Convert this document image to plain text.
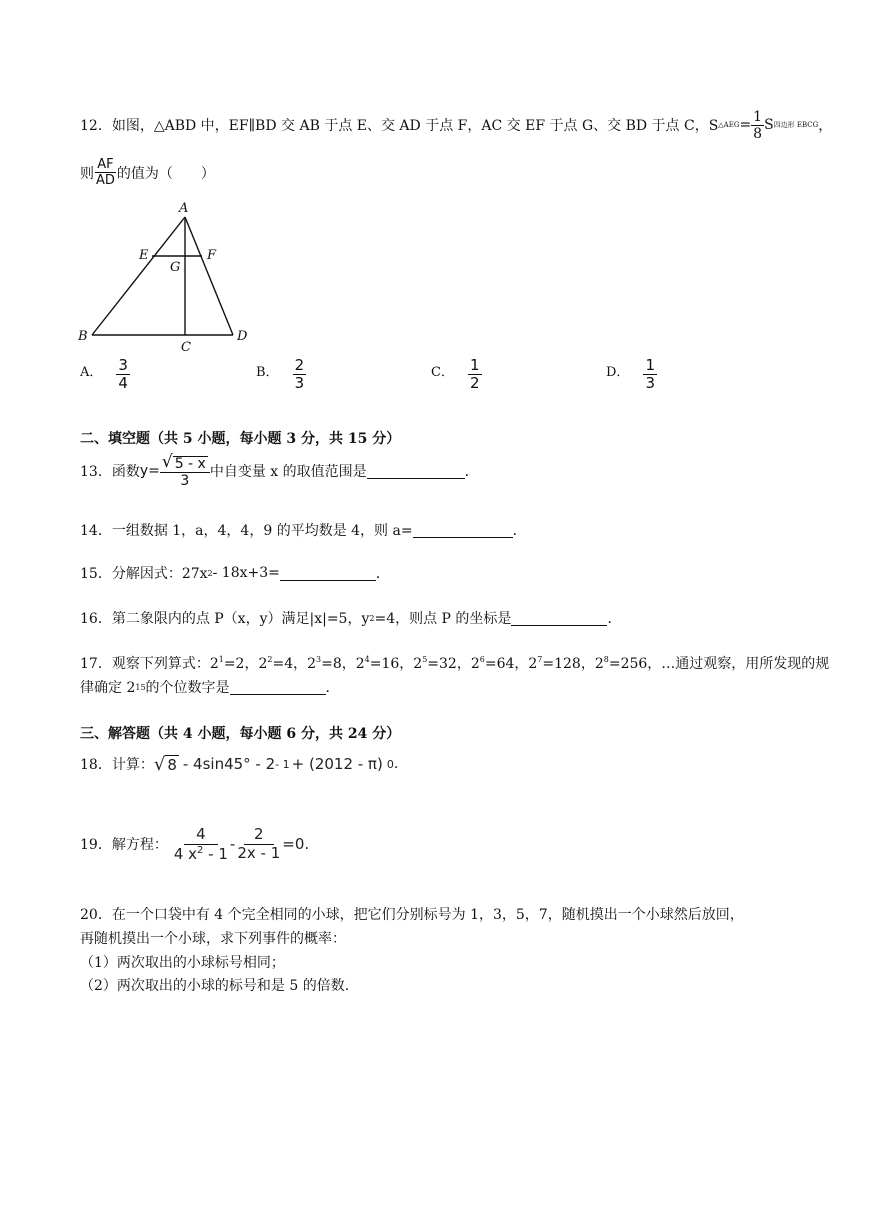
12．如图，△ABD 中，EF∥BD 交 AB 于点 E、交 AD 于点 F，AC 交 EF 于点 G、交 BD 于点 C，S △AEG = $\frac{1}{8}$ S 四边形 EBCG ，
则 $\frac{AF}{AD}$ 的值为（　　）
A
E	F
G
B
C
D
A． $\frac{3}{4}$	B． $\frac{2}{3}$	C． $\frac{1}{2}$	D． $\frac{1}{3}$
二、填空题（共 5 小题，每小题 3 分，共 15 分）
13．函数 $y= \frac{√ 5 - x}{3}$ 中自变量 x 的取值范围是	．
14．一组数据 1，a，4，4，9 的平均数是 4，则 a=	．
15．分解因式：27x 2 - 18x+3=	．
16．第二象限内的点 P（x，y）满足|x|=5，y 2 =4，则点 P 的坐标是	．
17．观察下列算式：$2^1=2$，$2^2=4$，$2^3=8$，$2^4=16$，$2^5=32$，$2^6=64$，$2^7=128$，$2^8=256$，…通过观察，用所发现的规
律确定 2 15 的个位数字是	．
三、解答题（共 4 小题，每小题 6 分，共 24 分）
18．计算： √ 8 - 4sin45° - 2 - 1 + (2012 - π) 0 .
19．解方程： $\frac{4}{4 x^2 - 1} - \frac{2}{2x - 1} =0$.
20．在一个口袋中有 4 个完全相同的小球，把它们分别标号为 1，3，5，7，随机摸出一个小球然后放回，
再随机摸出一个小球，求下列事件的概率：
（1）两次取出的小球标号相同；
（2）两次取出的小球的标号和是 5 的倍数.
